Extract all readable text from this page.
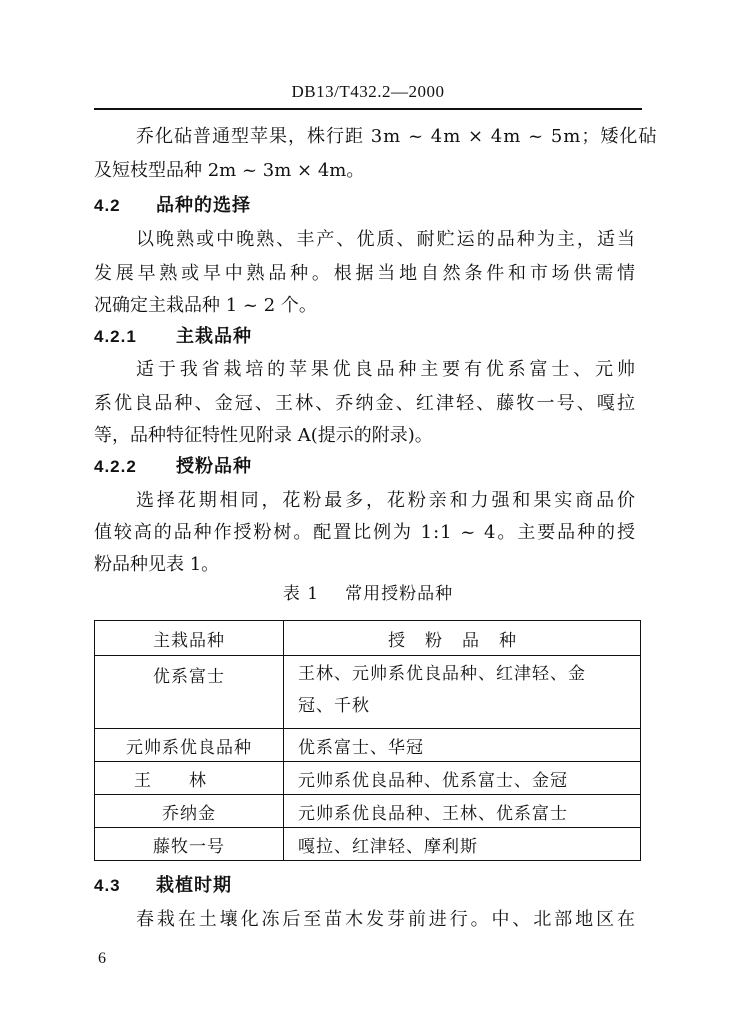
DB13/T432.2—2000
乔化砧普通型苹果，株行距 3m ~ 4m × 4m ~ 5m；矮化砧
及短枝型品种 2m ~ 3m × 4m。
4.2 品种的选择
以晚熟或中晚熟、丰产、优质、耐贮运的品种为主，适当
发展早熟或早中熟品种。根据当地自然条件和市场供需情
况确定主栽品种 1 ~ 2 个。
4.2.1 主栽品种
适于我省栽培的苹果优良品种主要有优系富士、元帅
系优良品种、金冠、王林、乔纳金、红津轻、藤牧一号、嘎拉
等，品种特征特性见附录 A(提示的附录)。
4.2.2 授粉品种
选择花期相同，花粉最多，花粉亲和力强和果实商品价
值较高的品种作授粉树。配置比例为 1:1 ~ 4。主要品种的授
粉品种见表 1。
表 1 常用授粉品种
主栽品种	授粉品种
优系富士	王林、元帅系优良品种、红津轻、金
冠、千秋

元帅系优良品种	优系富士、华冠
王林	元帅系优良品种、优系富士、金冠
乔纳金	元帅系优良品种、王林、优系富士
藤牧一号	嘎拉、红津轻、摩利斯
4.3 栽植时期
春栽在土壤化冻后至苗木发芽前进行。中、北部地区在
6
